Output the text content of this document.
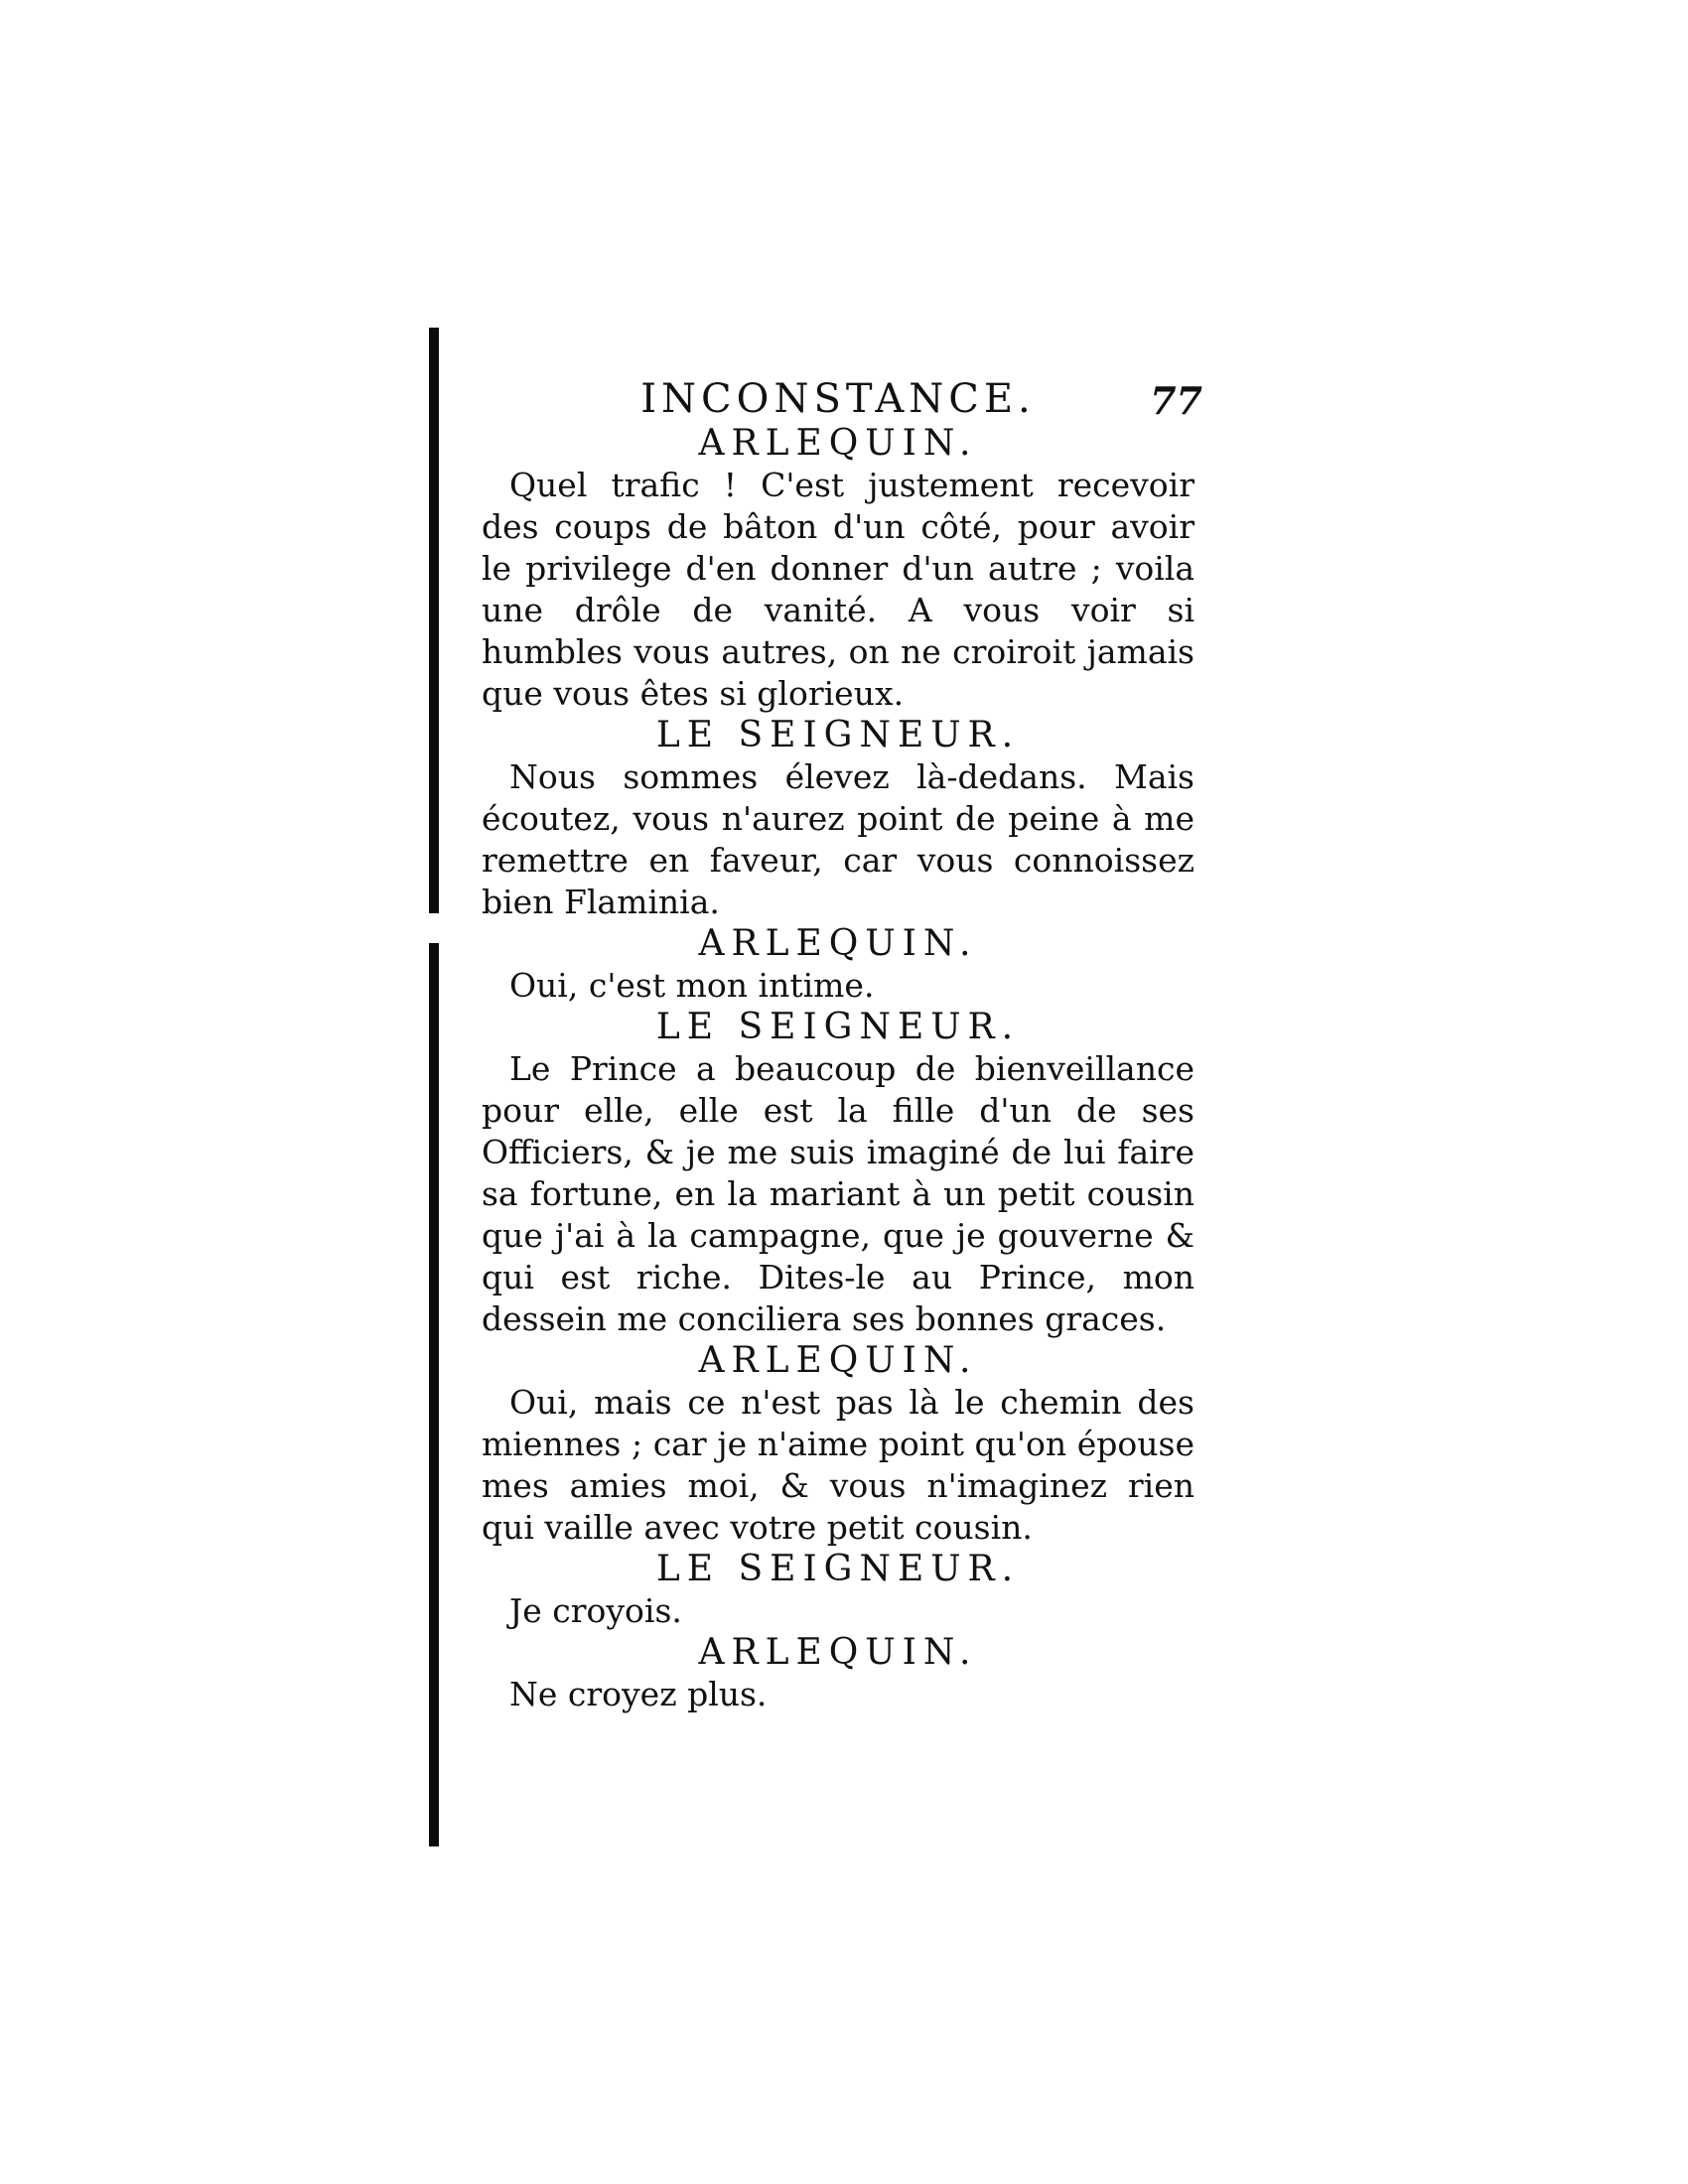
INCONSTANCE.	77
ARLEQUIN.

Quel trafic ! C'est justement recevoir des coups de bâton d'un côté, pour avoir le privilege d'en donner d'un autre ; voila une drôle de vanité. A vous voir si humbles vous autres, on ne croiroit jamais que vous êtes si glorieux.

LE SEIGNEUR.

Nous sommes élevez là-dedans. Mais écoutez, vous n'aurez point de peine à me remettre en faveur, car vous connoissez bien Flaminia.

ARLEQUIN.

Oui, c'est mon intime.

LE SEIGNEUR.

Le Prince a beaucoup de bienveillance pour elle, elle est la fille d'un de ses Officiers, & je me suis imaginé de lui faire sa fortune, en la mariant à un petit cousin que j'ai à la campagne, que je gouverne & qui est riche. Dites-le au Prince, mon dessein me conciliera ses bonnes graces.

ARLEQUIN.

Oui, mais ce n'est pas là le chemin des miennes ; car je n'aime point qu'on épouse mes amies moi, & vous n'imaginez rien qui vaille avec votre petit cousin.

LE SEIGNEUR.

Je croyois.

ARLEQUIN.

Ne croyez plus.
